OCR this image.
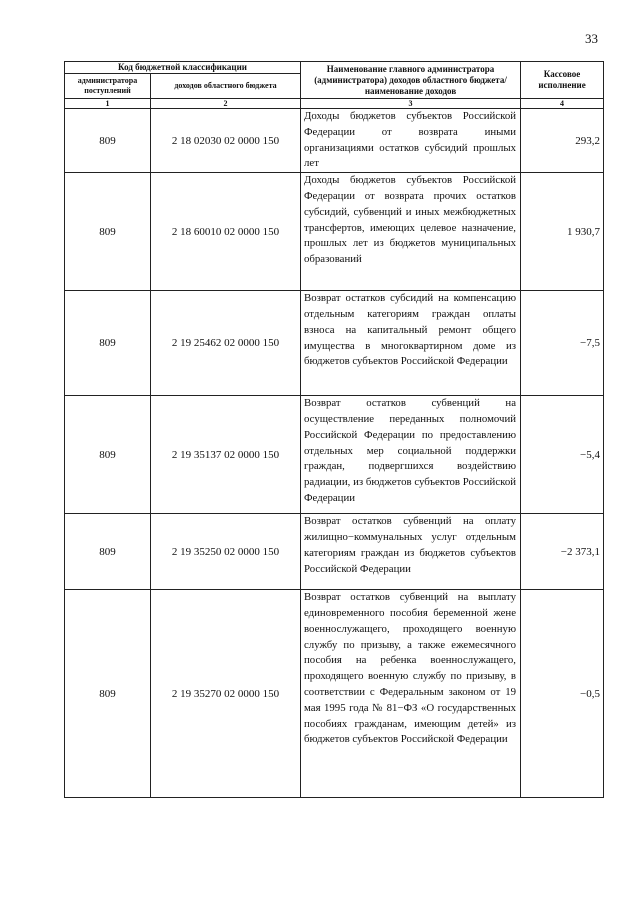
33
Код бюджетной классификации		Наименование главного администратора (администратора) доходов областного бюджета/ наименование доходов	Кассовое исполнение
администратора поступлений	доходов областного бюджета		
1	2	3	4
809	2 18 02030 02 0000 150	Доходы бюджетов субъектов Российской Федерации от возврата иными организациями остатков субсидий прошлых лет	293,2
809	2 18 60010 02 0000 150	Доходы бюджетов субъектов Российской Федерации от возврата прочих остатков субсидий, субвенций и иных межбюджетных трансфертов, имеющих целевое назначение, прошлых лет из бюджетов муниципальных образований	1 930,7
809	2 19 25462 02 0000 150	Возврат остатков субсидий на компенсацию отдельным категориям граждан оплаты взноса на капитальный ремонт общего имущества в многоквартирном доме из бюджетов субъектов Российской Федерации	−7,5
809	2 19 35137 02 0000 150	Возврат остатков субвенций на осуществление переданных полномочий Российской Федерации по предоставлению отдельных мер социальной поддержки граждан, подвергшихся воздействию радиации, из бюджетов субъектов Российской Федерации	−5,4
809	2 19 35250 02 0000 150	Возврат остатков субвенций на оплату жилищно−коммунальных услуг отдельным категориям граждан из бюджетов субъектов Российской Федерации	−2 373,1
809	2 19 35270 02 0000 150	Возврат остатков субвенций на выплату единовременного пособия беременной жене военнослужащего, проходящего военную службу по призыву, а также ежемесячного пособия на ребенка военнослужащего, проходящего военную службу по призыву, в соответствии с Федеральным законом от 19 мая 1995 года № 81−ФЗ «О государственных пособиях гражданам, имеющим детей» из бюджетов субъектов Российской Федерации	−0,5
